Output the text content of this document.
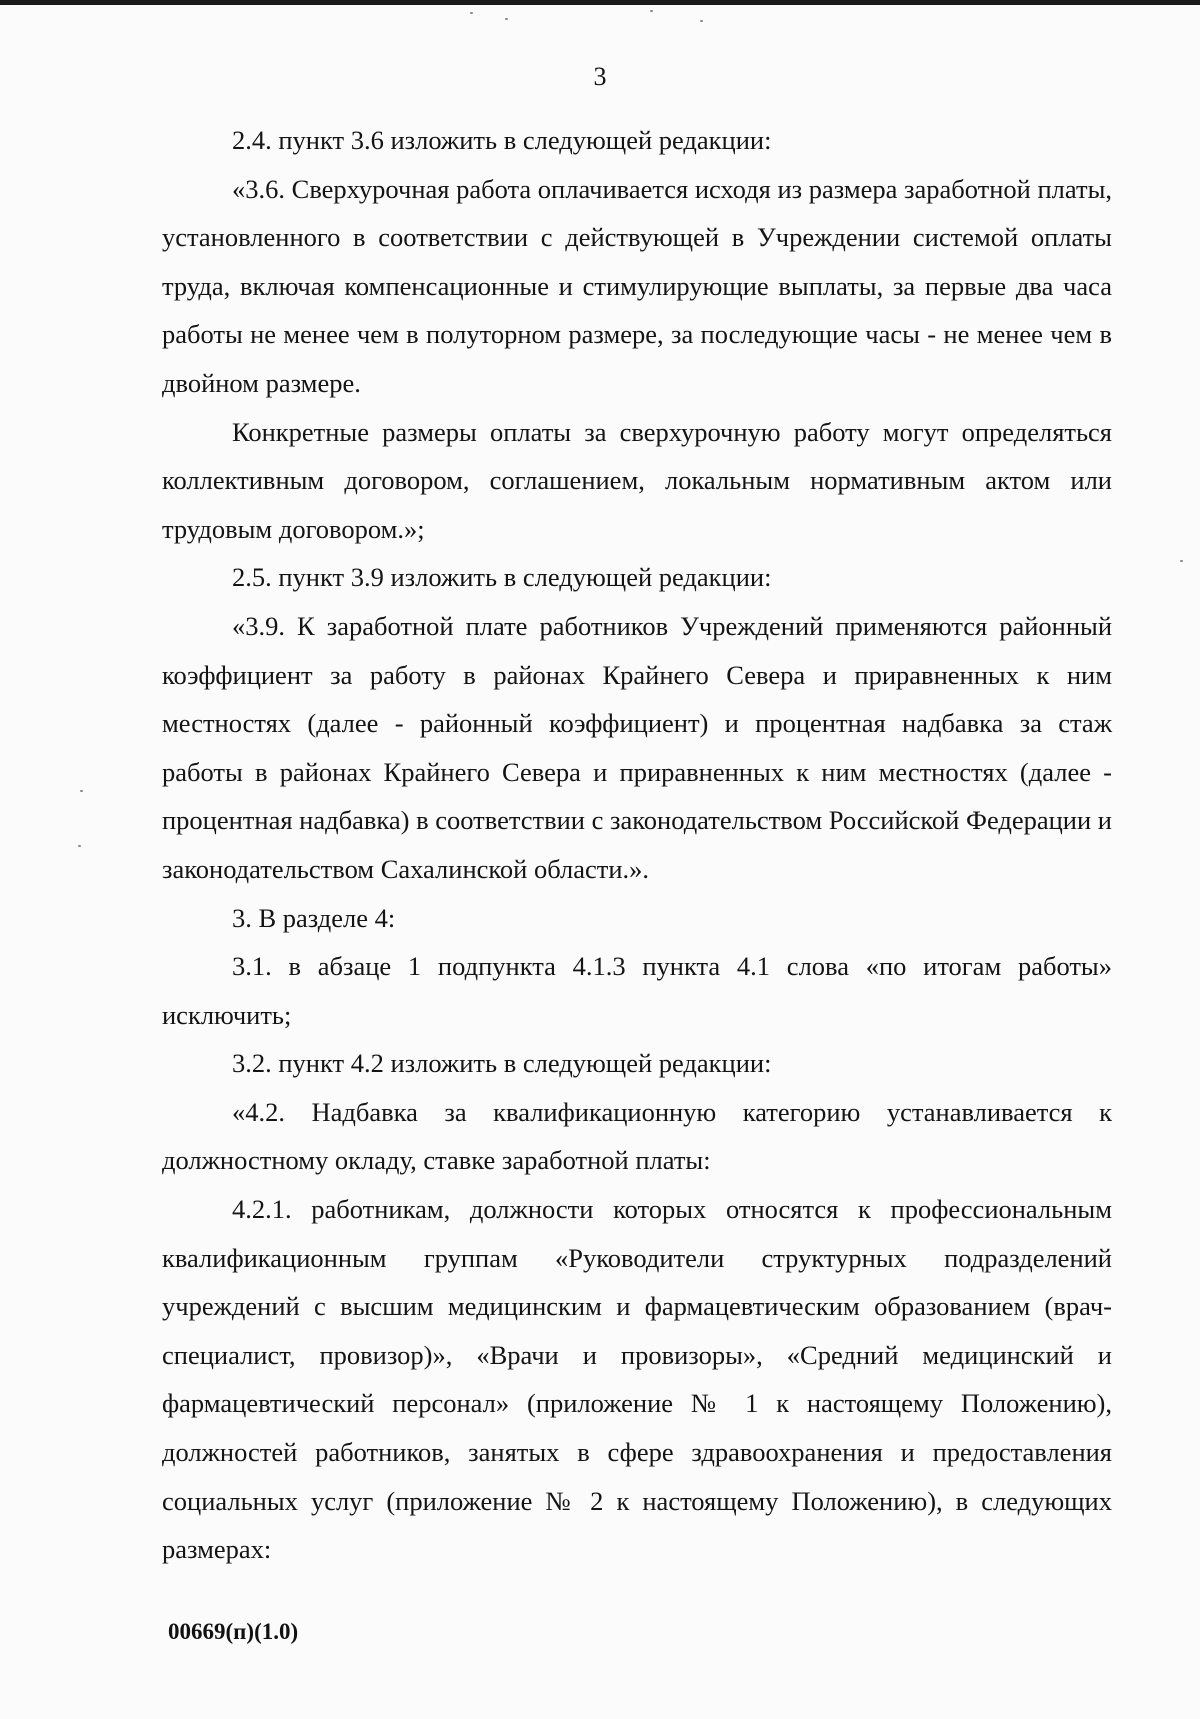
3

2.4. пункт 3.6 изложить в следующей редакции:

«3.6. Сверхурочная работа оплачивается исходя из размера заработной платы, установленного в соответствии с действующей в Учреждении системой оплаты труда, включая компенсационные и стимулирующие выплаты, за первые два часа работы не менее чем в полуторном размере, за последующие часы - не менее чем в двойном размере.

Конкретные размеры оплаты за сверхурочную работу могут определяться коллективным договором, соглашением, локальным нормативным актом или трудовым договором.»;

2.5. пункт 3.9 изложить в следующей редакции:

«3.9. К заработной плате работников Учреждений применяются районный коэффициент за работу в районах Крайнего Севера и приравненных к ним местностях (далее - районный коэффициент) и процентная надбавка за стаж работы в районах Крайнего Севера и приравненных к ним местностях (далее - процентная надбавка) в соответствии с законодательством Российской Федерации и законодательством Сахалинской области.».

3. В разделе 4:

3.1. в абзаце 1 подпункта 4.1.3 пункта 4.1 слова «по итогам работы» исключить;

3.2. пункт 4.2 изложить в следующей редакции:

«4.2. Надбавка за квалификационную категорию устанавливается к должностному окладу, ставке заработной платы:

4.2.1. работникам, должности которых относятся к профессиональным квалификационным группам «Руководители структурных подразделений учреждений с высшим медицинским и фармацевтическим образованием (врач-специалист, провизор)», «Врачи и провизоры», «Средний медицинский и фармацевтический персонал» (приложение № 1 к настоящему Положению), должностей работников, занятых в сфере здравоохранения и предоставления социальных услуг (приложение № 2 к настоящему Положению), в следующих размерах:

00669(п)(1.0)
